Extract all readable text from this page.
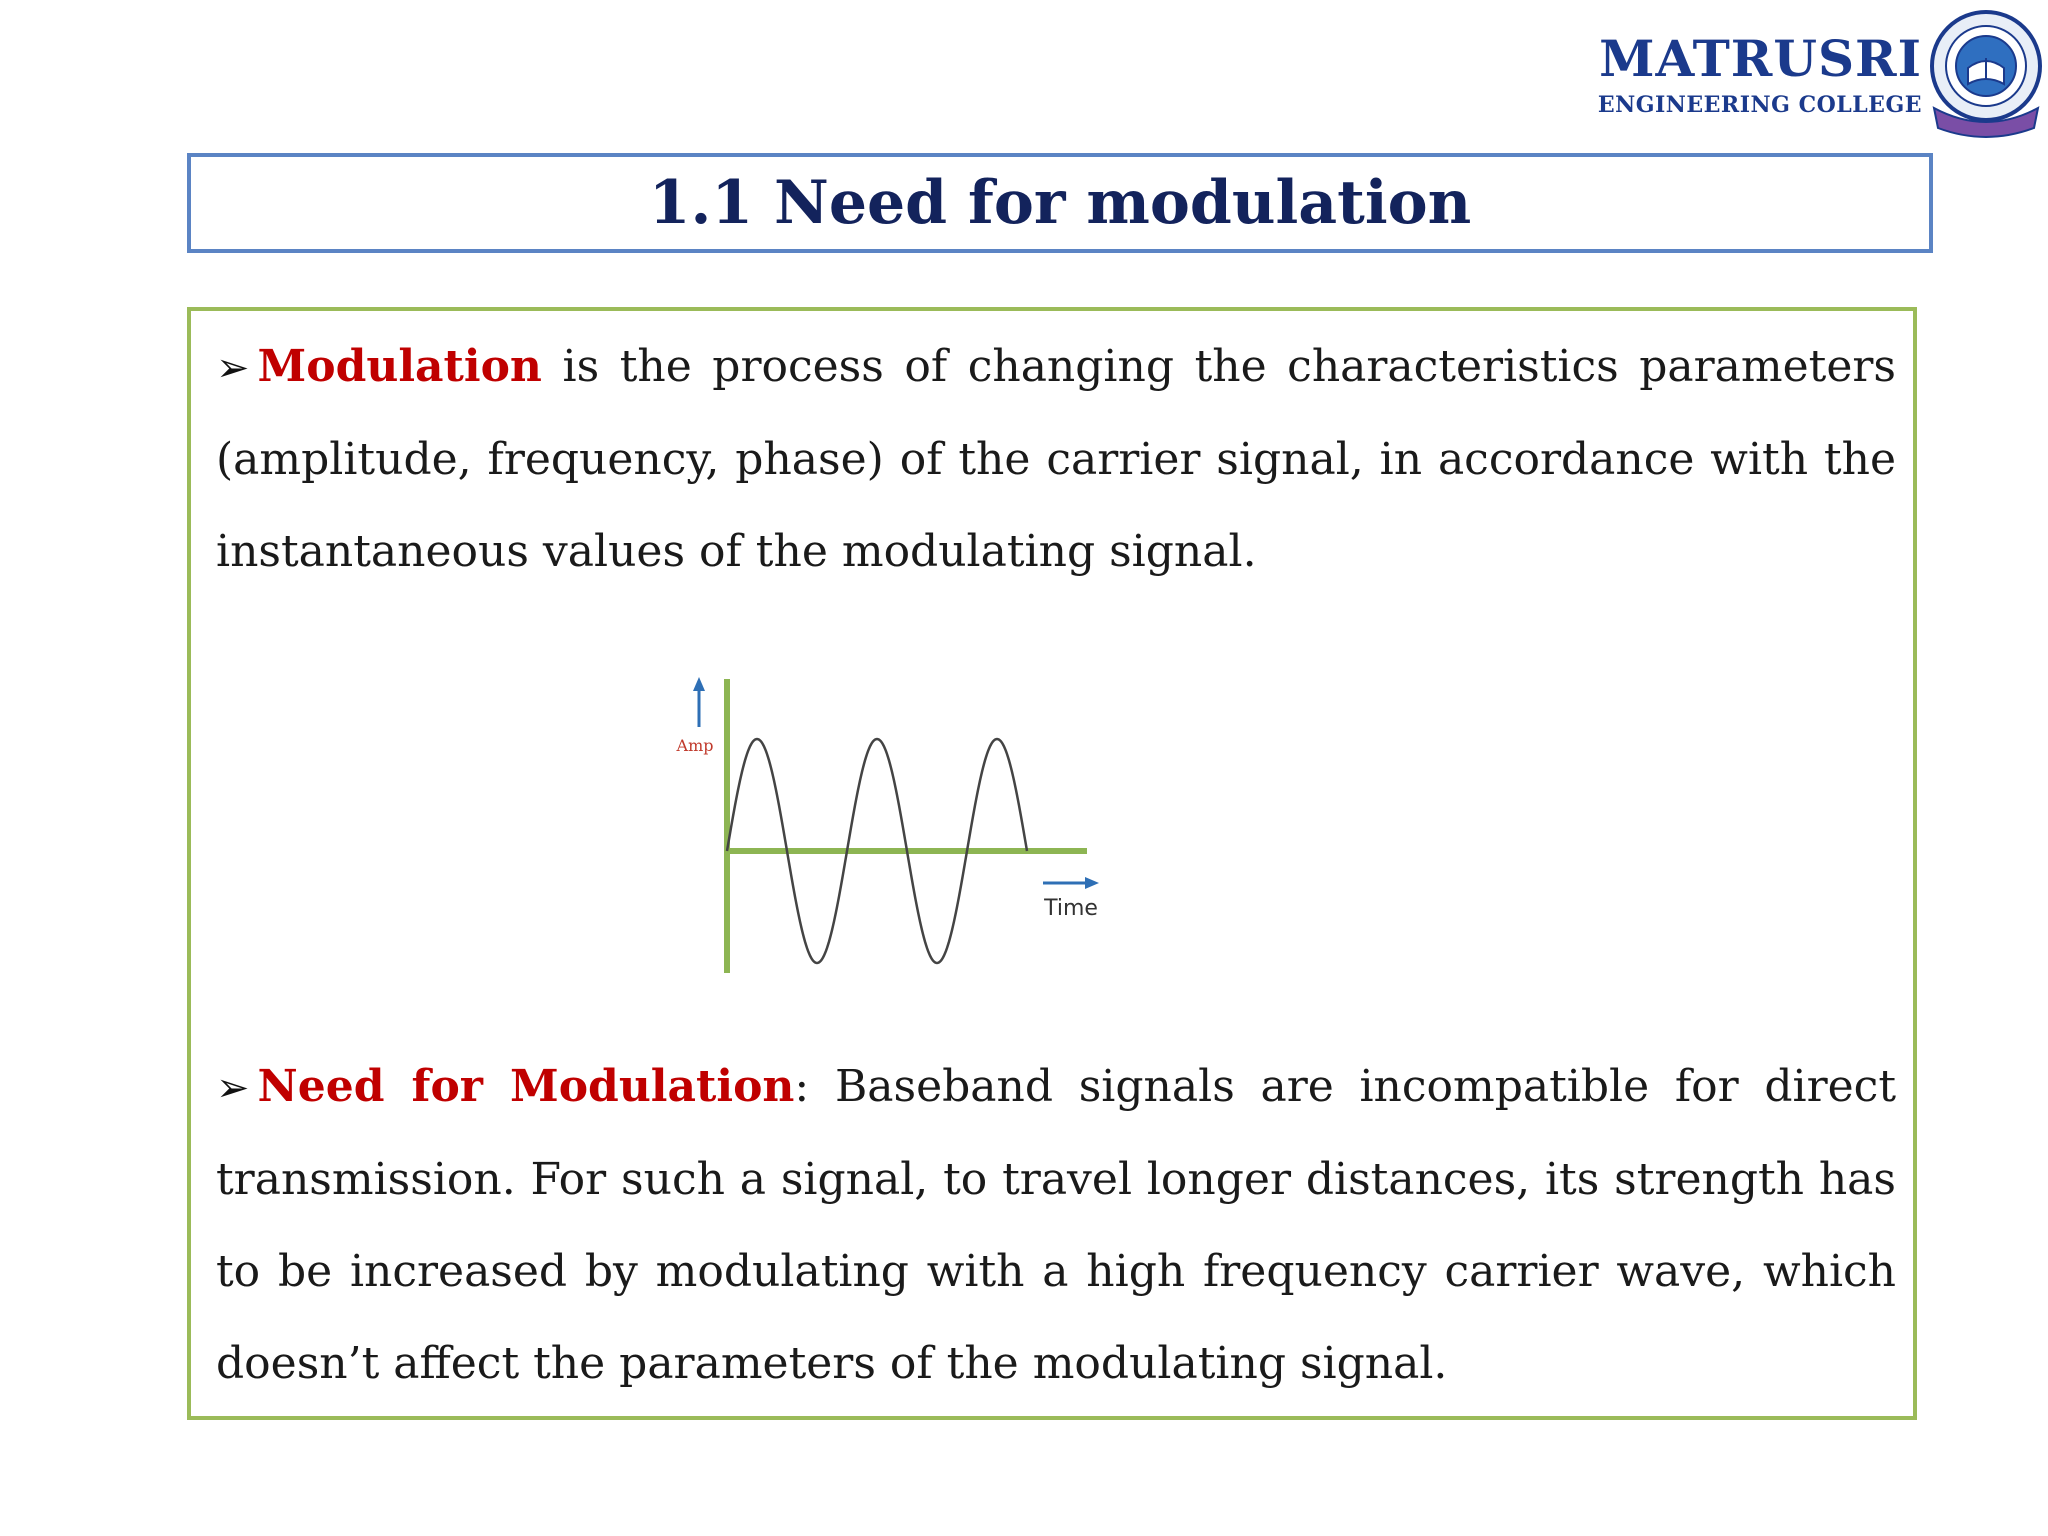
MATRUSRI
ENGINEERING COLLEGE
1.1 Need for modulation

➢ Modulation is the process of changing the characteristics parameters (amplitude, frequency, phase) of the carrier signal, in accordance with the instantaneous values of the modulating signal.

Amp
Time

➢ Need for Modulation: Baseband signals are incompatible for direct transmission. For such a signal, to travel longer distances, its strength has to be increased by modulating with a high frequency carrier wave, which doesn’t affect the parameters of the modulating signal.
